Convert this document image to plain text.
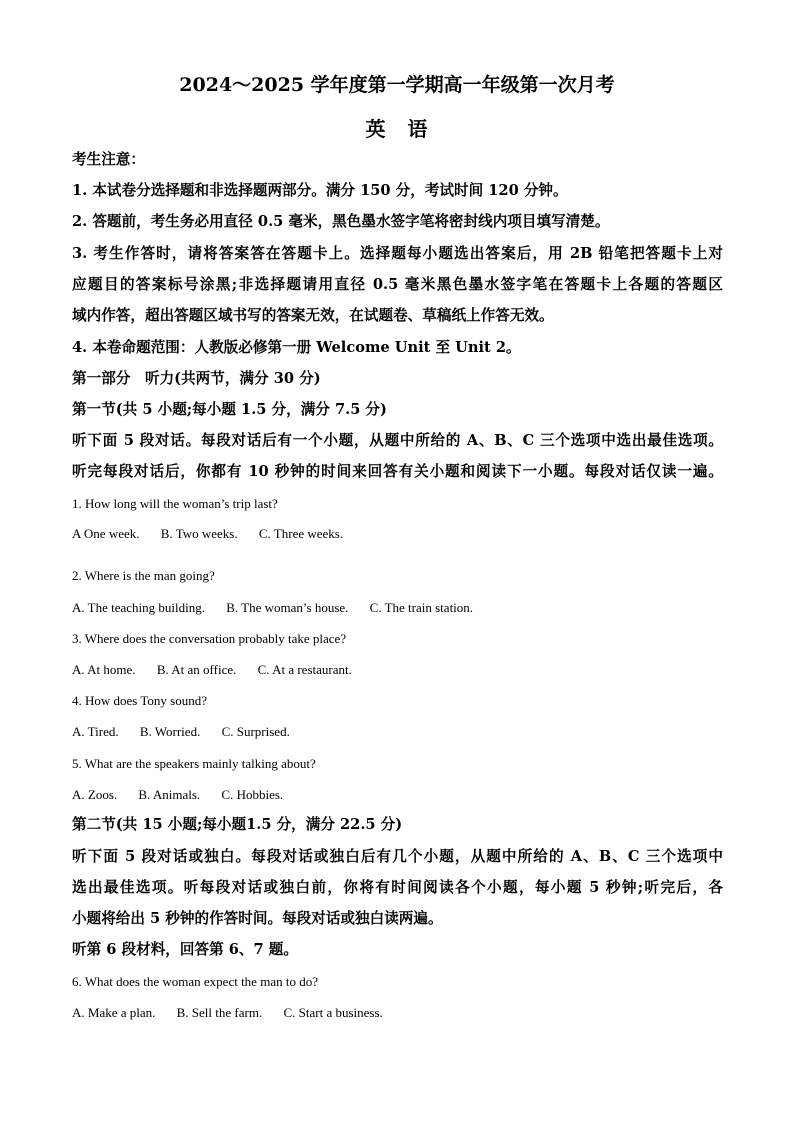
2024～2025 学年度第一学期高一年级第一次月考
英　语
考生注意：
1. 本试卷分选择题和非选择题两部分。满分 150 分，考试时间 120 分钟。
2. 答题前，考生务必用直径 0.5 毫米，黑色墨水签字笔将密封线内项目填写清楚。
3. 考生作答时，请将答案答在答题卡上。选择题每小题选出答案后，用 2B 铅笔把答题卡上对
应题目的答案标号涂黑;非选择题请用直径 0.5 毫米黑色墨水签字笔在答题卡上各题的答题区
域内作答，超出答题区域书写的答案无效，在试题卷、草稿纸上作答无效。
4. 本卷命题范围：人教版必修第一册 Welcome Unit 至 Unit 2。
第一部分　听力(共两节，满分 30 分)
第一节(共 5 小题;每小题 1.5 分，满分 7.5 分)
听下面 5 段对话。每段对话后有一个小题，从题中所给的 A、B、C 三个选项中选出最佳选项。
听完每段对话后，你都有 10 秒钟的时间来回答有关小题和阅读下一小题。每段对话仅读一遍。
1. How long will the woman’s trip last?
A One week. B. Two weeks. C. Three weeks.
2. Where is the man going?
A. The teaching building. B. The woman’s house. C. The train station.
3. Where does the conversation probably take place?
A. At home. B. At an office. C. At a restaurant.
4. How does Tony sound?
A. Tired. B. Worried. C. Surprised.
5. What are the speakers mainly talking about?
A. Zoos. B. Animals. C. Hobbies.
第二节(共 15 小题;每小题1.5 分，满分 22.5 分)
听下面 5 段对话或独白。每段对话或独白后有几个小题，从题中所给的 A、B、C 三个选项中
选出最佳选项。听每段对话或独白前，你将有时间阅读各个小题，每小题 5 秒钟;听完后，各
小题将给出 5 秒钟的作答时间。每段对话或独白读两遍。
听第 6 段材料，回答第 6、7 题。
6. What does the woman expect the man to do?
A. Make a plan. B. Sell the farm. C. Start a business.
